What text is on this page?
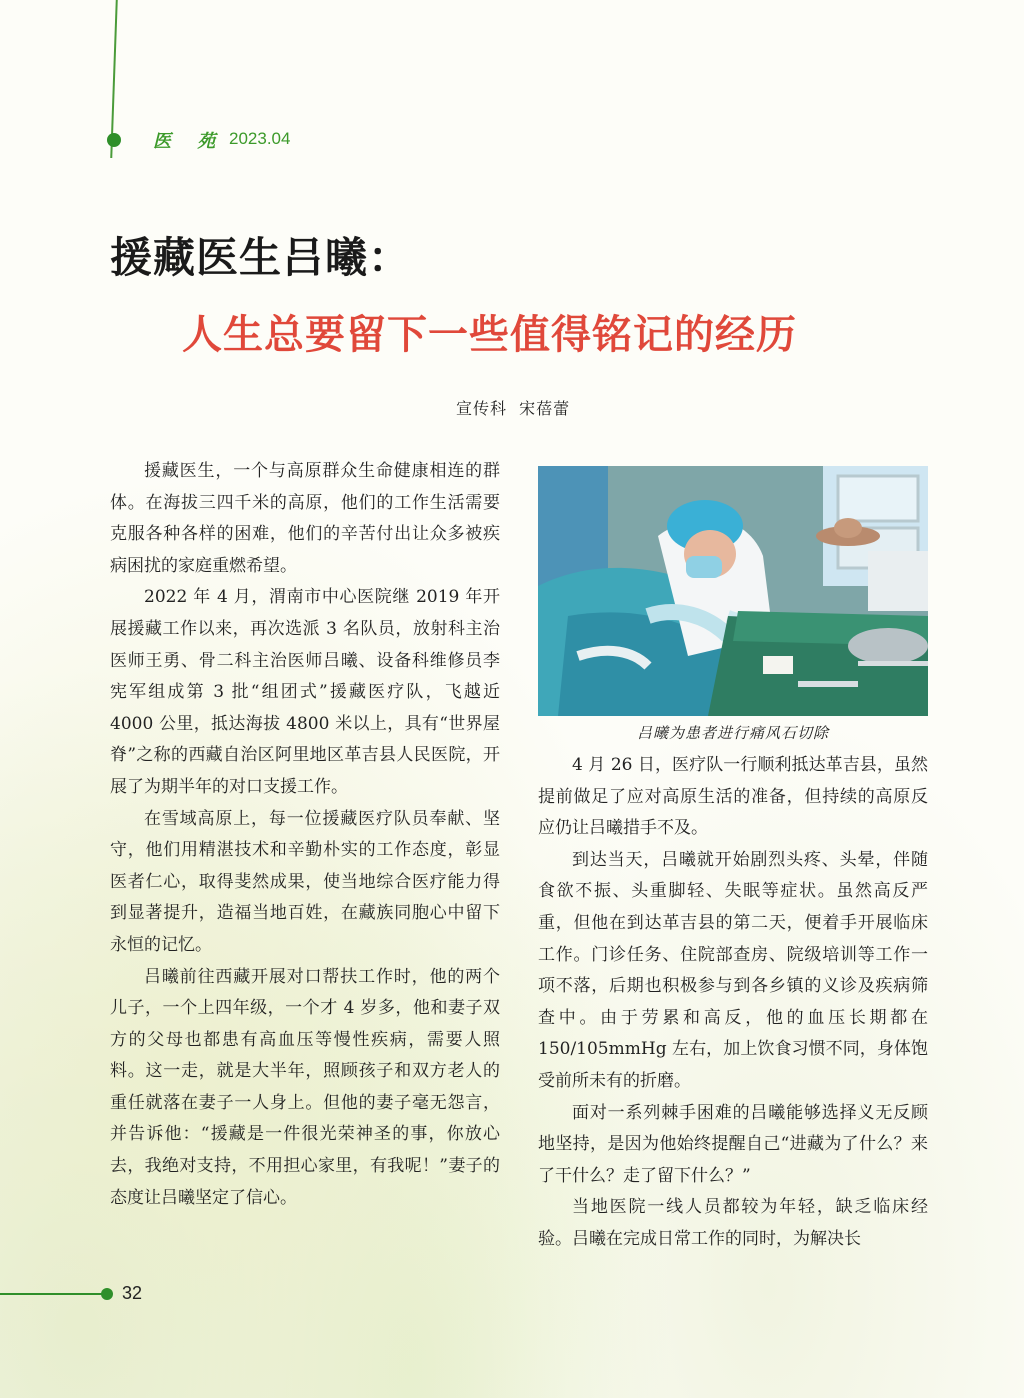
医 苑 2023.04
援藏医生吕曦：
人生总要留下一些值得铭记的经历
宣传科  宋蓓蕾

援藏医生，一个与高原群众生命健康相连的群体。在海拔三四千米的高原，他们的工作生活需要克服各种各样的困难，他们的辛苦付出让众多被疾病困扰的家庭重燃希望。

2022 年 4 月，渭南市中心医院继 2019 年开展援藏工作以来，再次选派 3 名队员，放射科主治医师王勇、骨二科主治医师吕曦、设备科维修员李宪军组成第 3 批“组团式”援藏医疗队，飞越近 4000 公里，抵达海拔 4800 米以上，具有“世界屋脊”之称的西藏自治区阿里地区革吉县人民医院，开展了为期半年的对口支援工作。

在雪域高原上，每一位援藏医疗队员奉献、坚守，他们用精湛技术和辛勤朴实的工作态度，彰显医者仁心，取得斐然成果，使当地综合医疗能力得到显著提升，造福当地百姓，在藏族同胞心中留下永恒的记忆。

吕曦前往西藏开展对口帮扶工作时，他的两个儿子，一个上四年级，一个才 4 岁多，他和妻子双方的父母也都患有高血压等慢性疾病，需要人照料。这一走，就是大半年，照顾孩子和双方老人的重任就落在妻子一人身上。但他的妻子毫无怨言，并告诉他：“援藏是一件很光荣神圣的事，你放心去，我绝对支持，不用担心家里，有我呢！”妻子的态度让吕曦坚定了信心。

吕曦为患者进行痛风石切除

4 月 26 日，医疗队一行顺利抵达革吉县，虽然提前做足了应对高原生活的准备，但持续的高原反应仍让吕曦措手不及。

到达当天，吕曦就开始剧烈头疼、头晕，伴随食欲不振、头重脚轻、失眠等症状。虽然高反严重，但他在到达革吉县的第二天，便着手开展临床工作。门诊任务、住院部查房、院级培训等工作一项不落，后期也积极参与到各乡镇的义诊及疾病筛查中。由于劳累和高反，他的血压长期都在 150/105mmHg 左右，加上饮食习惯不同，身体饱受前所未有的折磨。

面对一系列棘手困难的吕曦能够选择义无反顾地坚持，是因为他始终提醒自己“进藏为了什么？来了干什么？走了留下什么？”

当地医院一线人员都较为年轻，缺乏临床经验。吕曦在完成日常工作的同时，为解决长

32
